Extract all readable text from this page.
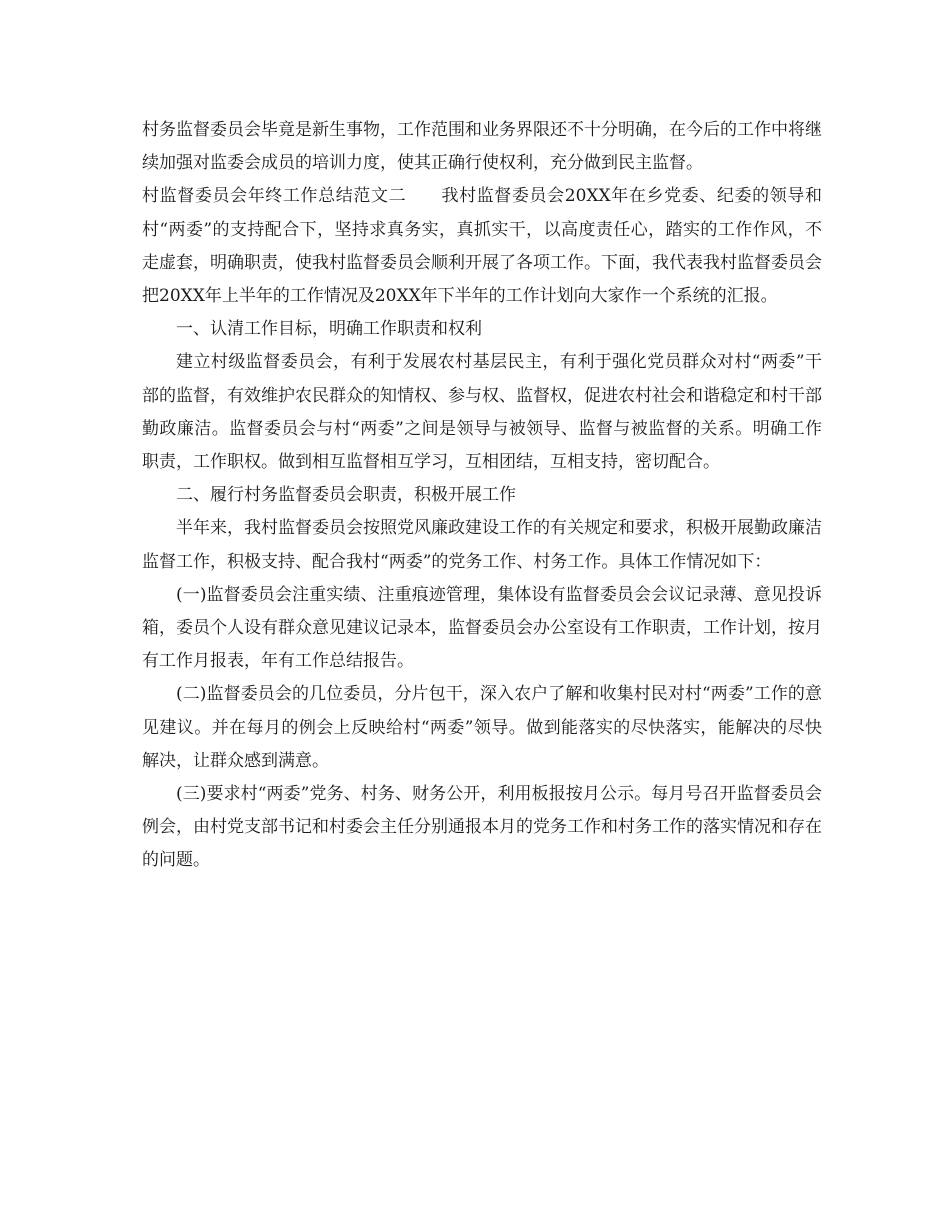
村务监督委员会毕竟是新生事物，工作范围和业务界限还不十分明确，在今后的工作中将继续加强对监委会成员的培训力度，使其正确行使权利，充分做到民主监督。

村监督委员会年终工作总结范文二　　我村监督委员会20XX年在乡党委、纪委的领导和村“两委”的支持配合下，坚持求真务实，真抓实干，以高度责任心，踏实的工作作风，不走虚套，明确职责，使我村监督委员会顺利开展了各项工作。下面，我代表我村监督委员会把20XX年上半年的工作情况及20XX年下半年的工作计划向大家作一个系统的汇报。

一、认清工作目标，明确工作职责和权利

建立村级监督委员会，有利于发展农村基层民主，有利于强化党员群众对村“两委”干部的监督，有效维护农民群众的知情权、参与权、监督权，促进农村社会和谐稳定和村干部勤政廉洁。监督委员会与村“两委”之间是领导与被领导、监督与被监督的关系。明确工作职责，工作职权。做到相互监督相互学习，互相团结，互相支持，密切配合。

二、履行村务监督委员会职责，积极开展工作

半年来，我村监督委员会按照党风廉政建设工作的有关规定和要求，积极开展勤政廉洁监督工作，积极支持、配合我村“两委”的党务工作、村务工作。具体工作情况如下：

(一)监督委员会注重实绩、注重痕迹管理，集体设有监督委员会会议记录薄、意见投诉箱，委员个人设有群众意见建议记录本，监督委员会办公室设有工作职责，工作计划，按月有工作月报表，年有工作总结报告。

(二)监督委员会的几位委员，分片包干，深入农户了解和收集村民对村“两委”工作的意见建议。并在每月的例会上反映给村“两委”领导。做到能落实的尽快落实，能解决的尽快解决，让群众感到满意。

(三)要求村“两委”党务、村务、财务公开，利用板报按月公示。每月号召开监督委员会例会，由村党支部书记和村委会主任分别通报本月的党务工作和村务工作的落实情况和存在的问题。
